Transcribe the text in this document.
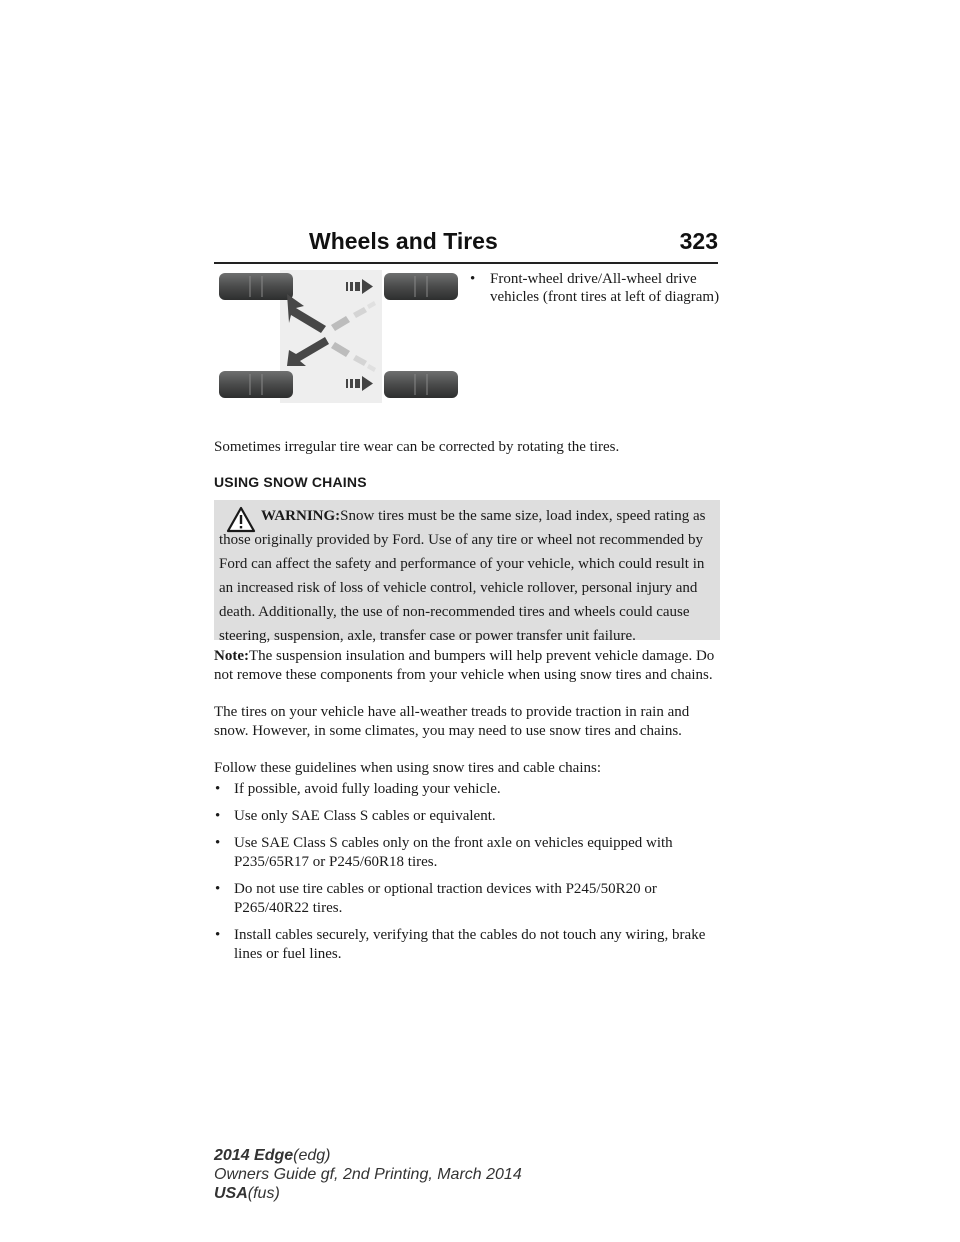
Wheels and Tires	323
• Front-wheel drive/All-wheel drive vehicles (front tires at left of diagram)

Sometimes irregular tire wear can be corrected by rotating the tires.

USING SNOW CHAINS

WARNING:Snow tires must be the same size, load index, speed rating as those originally provided by Ford. Use of any tire or wheel not recommended by Ford can affect the safety and performance of your vehicle, which could result in an increased risk of loss of vehicle control, vehicle rollover, personal injury and death. Additionally, the use of non-recommended tires and wheels could cause steering, suspension, axle, transfer case or power transfer unit failure.

Note:The suspension insulation and bumpers will help prevent vehicle damage. Do not remove these components from your vehicle when using snow tires and chains.

The tires on your vehicle have all-weather treads to provide traction in rain and snow. However, in some climates, you may need to use snow tires and chains.

Follow these guidelines when using snow tires and cable chains:

• If possible, avoid fully loading your vehicle.
• Use only SAE Class S cables or equivalent.
• Use SAE Class S cables only on the front axle on vehicles equipped with P235/65R17 or P245/60R18 tires.
• Do not use tire cables or optional traction devices with P245/50R20 or P265/40R22 tires.
• Install cables securely, verifying that the cables do not touch any wiring, brake lines or fuel lines.
2014 Edge(edg)
Owners Guide gf, 2nd Printing, March 2014
USA(fus)
